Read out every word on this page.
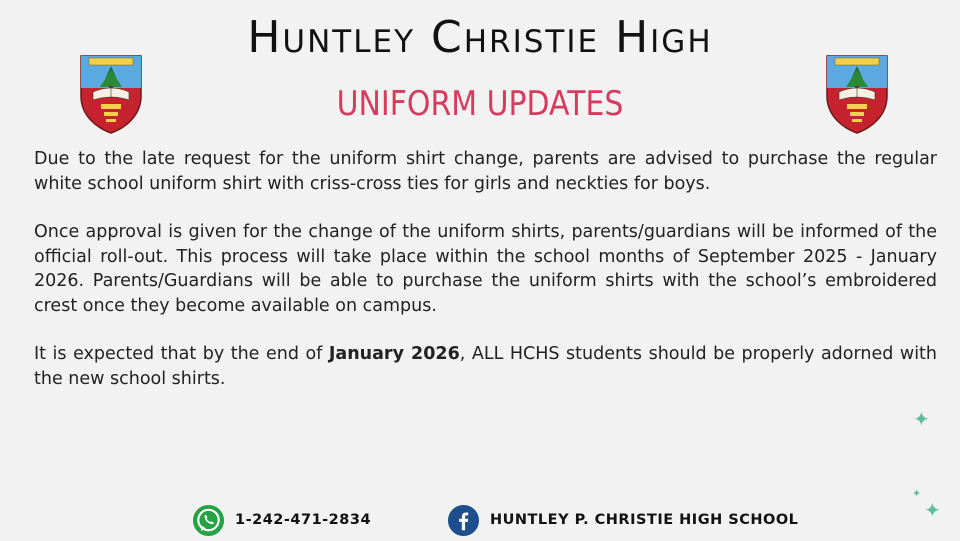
Huntley Christie High
UNIFORM UPDATES

Due to the late request for the uniform shirt change, parents are advised to purchase the regular white school uniform shirt with criss-cross ties for girls and neckties for boys.

Once approval is given for the change of the uniform shirts, parents/guardians will be informed of the official roll-out. This process will take place within the school months of September 2025 - January 2026. Parents/Guardians will be able to purchase the uniform shirts with the school’s embroidered crest once they become available on campus.

It is expected that by the end of January 2026, ALL HCHS students should be properly adorned with the new school shirts.

✦
✦
✦
1-242-471-2834	HUNTLEY P. CHRISTIE HIGH SCHOOL
